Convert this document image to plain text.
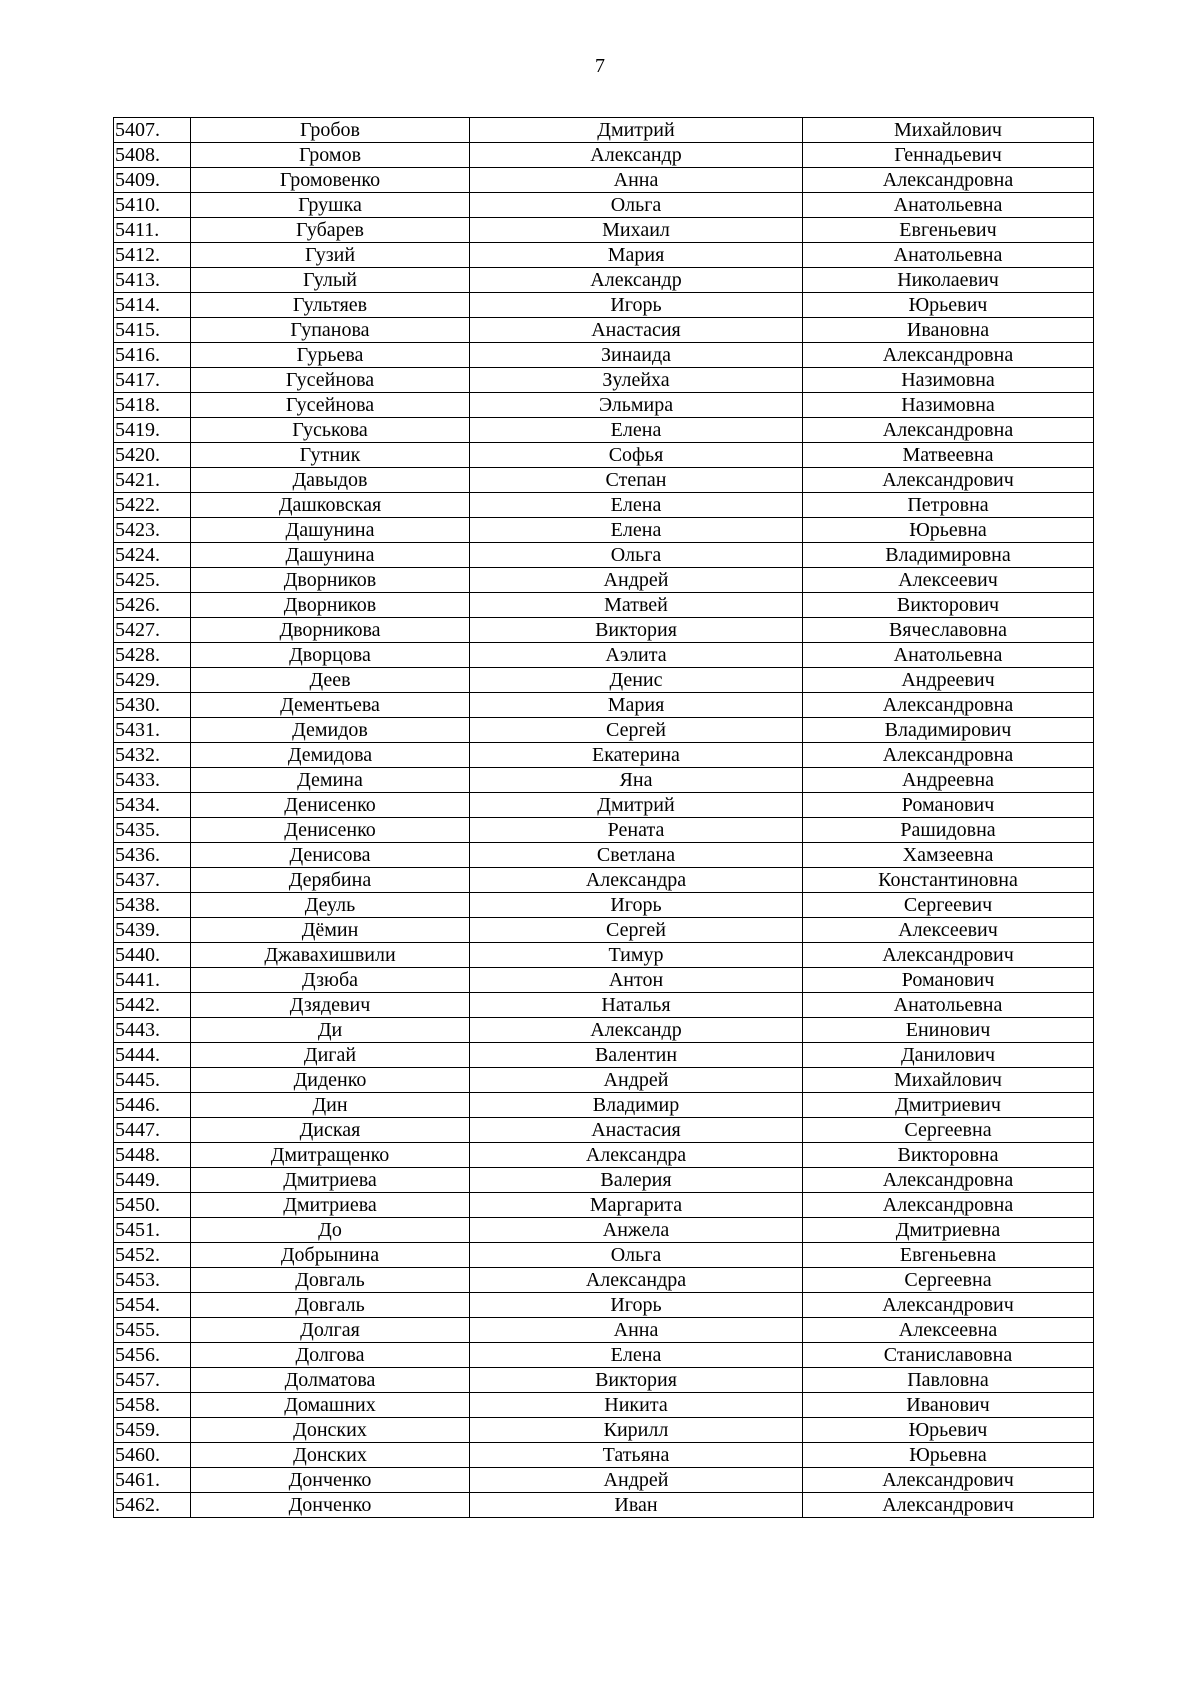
7
5407.	Гробов	Дмитрий	Михайлович
5408.	Громов	Александр	Геннадьевич
5409.	Громовенко	Анна	Александровна
5410.	Грушка	Ольга	Анатольевна
5411.	Губарев	Михаил	Евгеньевич
5412.	Гузий	Мария	Анатольевна
5413.	Гулый	Александр	Николаевич
5414.	Гультяев	Игорь	Юрьевич
5415.	Гупанова	Анастасия	Ивановна
5416.	Гурьева	Зинаида	Александровна
5417.	Гусейнова	Зулейха	Назимовна
5418.	Гусейнова	Эльмира	Назимовна
5419.	Гуськова	Елена	Александровна
5420.	Гутник	Софья	Матвеевна
5421.	Давыдов	Степан	Александрович
5422.	Дашковская	Елена	Петровна
5423.	Дашунина	Елена	Юрьевна
5424.	Дашунина	Ольга	Владимировна
5425.	Дворников	Андрей	Алексеевич
5426.	Дворников	Матвей	Викторович
5427.	Дворникова	Виктория	Вячеславовна
5428.	Дворцова	Аэлита	Анатольевна
5429.	Деев	Денис	Андреевич
5430.	Дементьева	Мария	Александровна
5431.	Демидов	Сергей	Владимирович
5432.	Демидова	Екатерина	Александровна
5433.	Демина	Яна	Андреевна
5434.	Денисенко	Дмитрий	Романович
5435.	Денисенко	Рената	Рашидовна
5436.	Денисова	Светлана	Хамзеевна
5437.	Дерябина	Александра	Константиновна
5438.	Деуль	Игорь	Сергеевич
5439.	Дёмин	Сергей	Алексеевич
5440.	Джавахишвили	Тимур	Александрович
5441.	Дзюба	Антон	Романович
5442.	Дзядевич	Наталья	Анатольевна
5443.	Ди	Александр	Енинович
5444.	Дигай	Валентин	Данилович
5445.	Диденко	Андрей	Михайлович
5446.	Дин	Владимир	Дмитриевич
5447.	Диская	Анастасия	Сергеевна
5448.	Дмитращенко	Александра	Викторовна
5449.	Дмитриева	Валерия	Александровна
5450.	Дмитриева	Маргарита	Александровна
5451.	До	Анжела	Дмитриевна
5452.	Добрынина	Ольга	Евгеньевна
5453.	Довгаль	Александра	Сергеевна
5454.	Довгаль	Игорь	Александрович
5455.	Долгая	Анна	Алексеевна
5456.	Долгова	Елена	Станиславовна
5457.	Долматова	Виктория	Павловна
5458.	Домашних	Никита	Иванович
5459.	Донских	Кирилл	Юрьевич
5460.	Донских	Татьяна	Юрьевна
5461.	Донченко	Андрей	Александрович
5462.	Донченко	Иван	Александрович
